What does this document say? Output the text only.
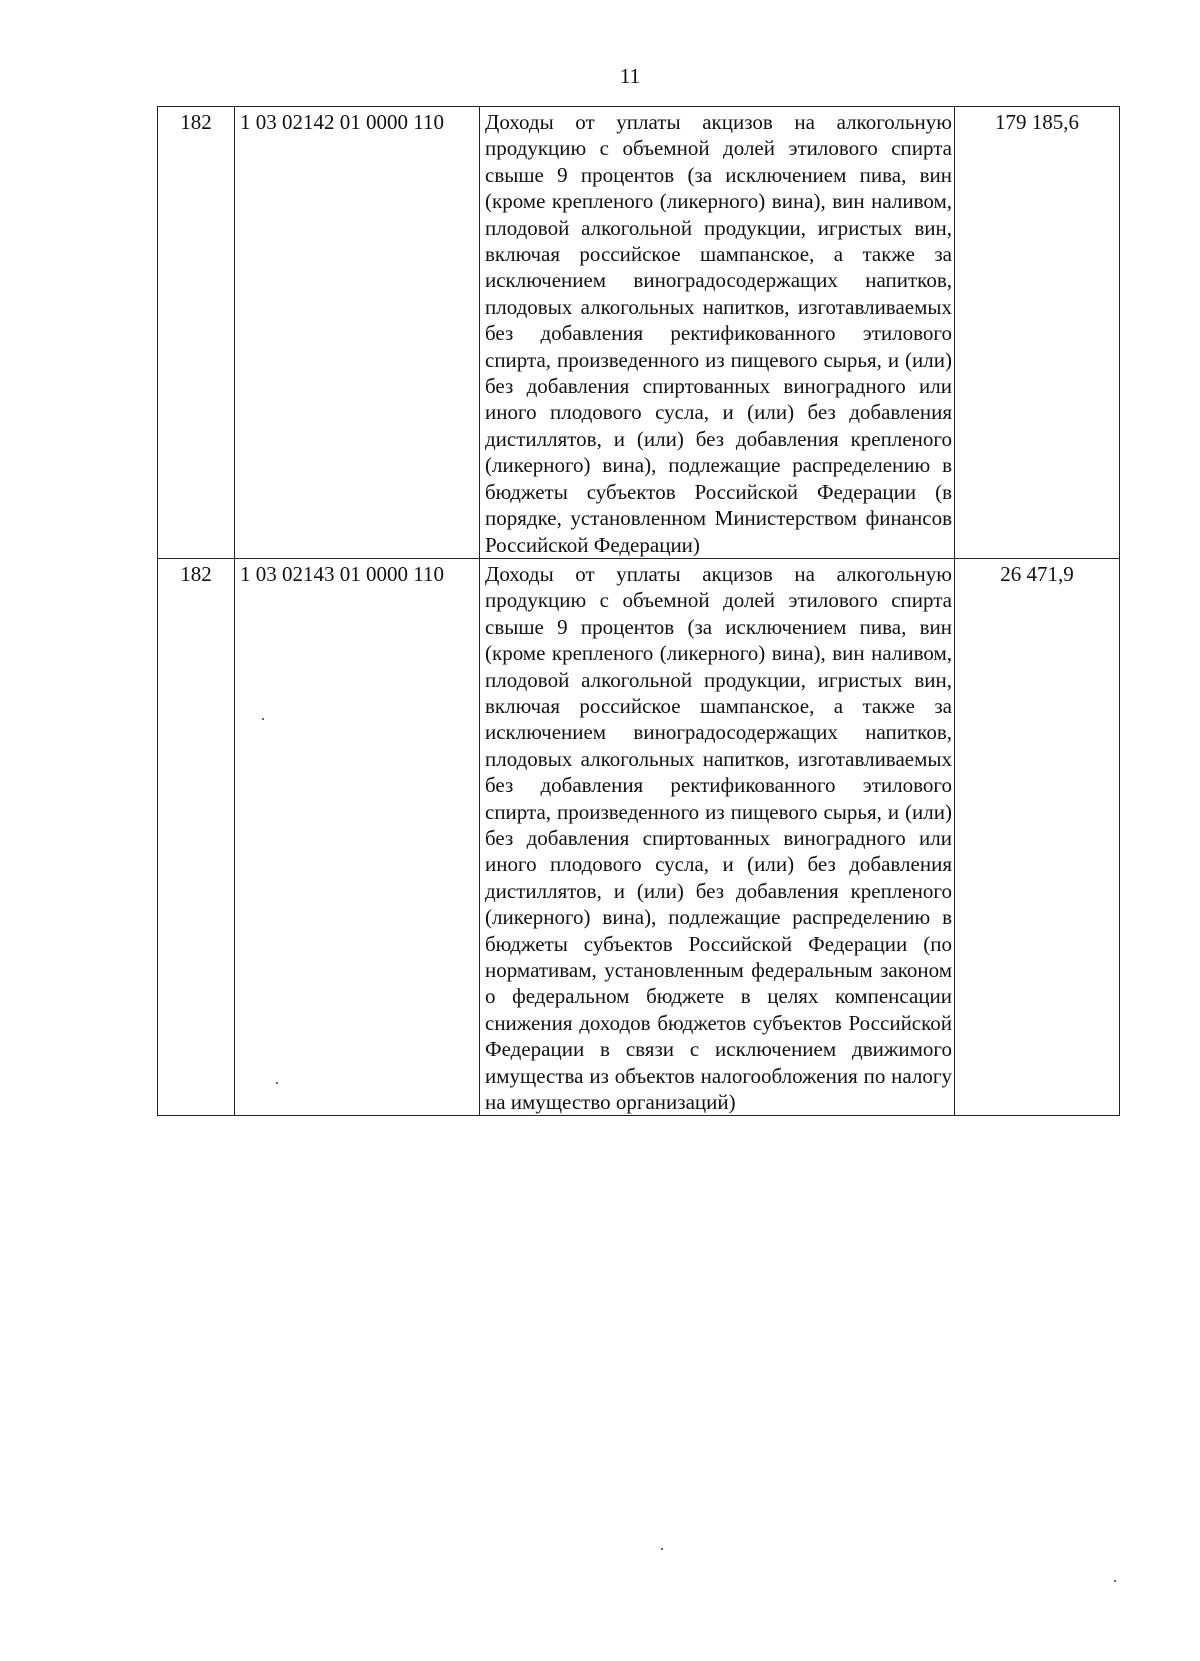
11
182	1 03 02142 01 0000 110	Доходы от уплаты акцизов на алкогольную продукцию с объемной долей этилового спирта свыше 9 процентов (за исключением пива, вин (кроме крепленого (ликерного) вина), вин наливом, плодовой алкогольной продукции, игристых вин, включая российское шампанское, а также за исключением виноградосодержащих напитков, плодовых алкогольных напитков, изготавливаемых без добавления ректификованного этилового спирта, произведенного из пищевого сырья, и (или) без добавления спиртованных виноградного или иного плодового сусла, и (или) без добавления дистиллятов, и (или) без добавления крепленого (ликерного) вина), подлежащие распределению в бюджеты субъектов Российской Федерации (в порядке, установленном Министерством финансов Российской Федерации)	179 185,6
182	1 03 02143 01 0000 110	Доходы от уплаты акцизов на алкогольную продукцию с объемной долей этилового спирта свыше 9 процентов (за исключением пива, вин (кроме крепленого (ликерного) вина), вин наливом, плодовой алкогольной продукции, игристых вин, включая российское шампанское, а также за исключением виноградосодержащих напитков, плодовых алкогольных напитков, изготавливаемых без добавления ректификованного этилового спирта, произведенного из пищевого сырья, и (или) без добавления спиртованных виноградного или иного плодового сусла, и (или) без добавления дистиллятов, и (или) без добавления крепленого (ликерного) вина), подлежащие распределению в бюджеты субъектов Российской Федерации (по нормативам, установленным федеральным законом о федеральном бюджете в целях компенсации снижения доходов бюджетов субъектов Российской Федерации в связи с исключением движимого имущества из объектов налогообложения по налогу на имущество организаций)	26 471,9
